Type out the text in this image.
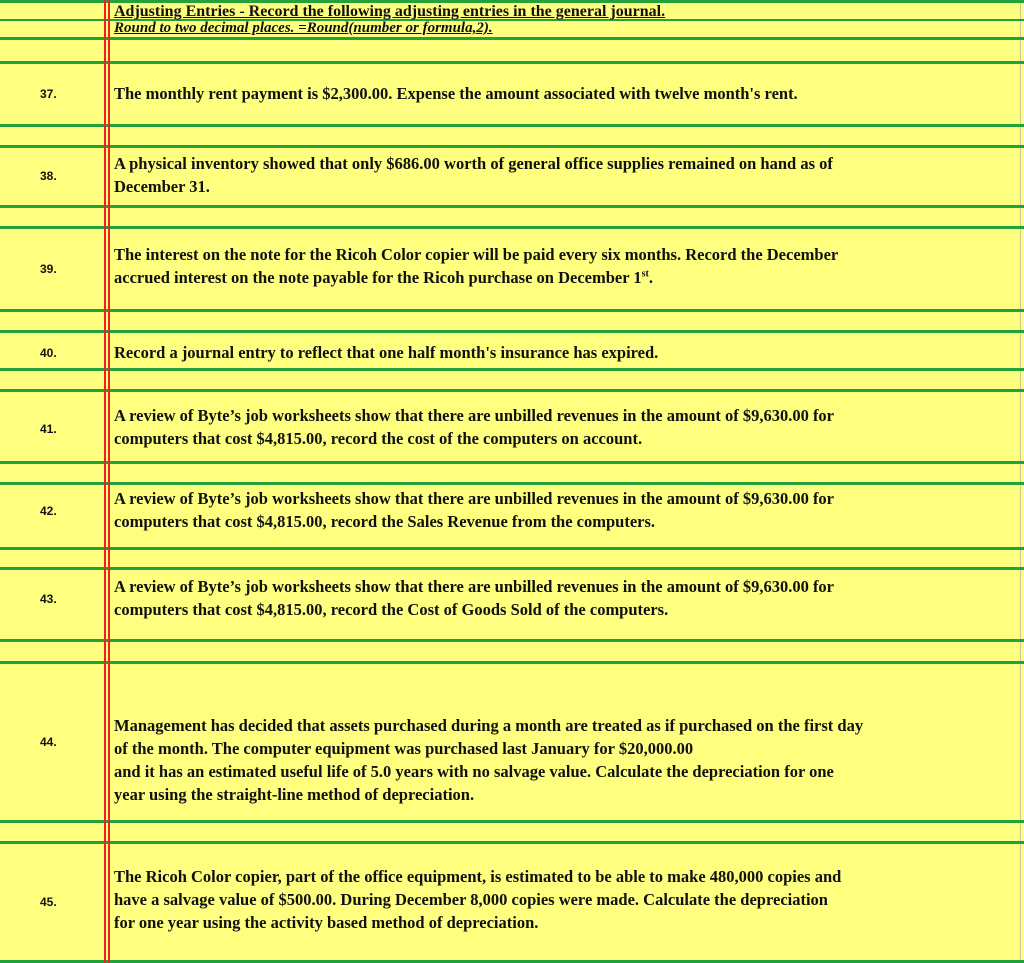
Adjusting Entries - Record the following adjusting entries in the general journal.
Round to two decimal places. =Round(number or formula,2).
37.	The monthly rent payment is $2,300.00. Expense the amount associated with twelve month's rent.
38.
A physical inventory showed that only $686.00 worth of general office supplies remained on hand as of
December 31.
39.
The interest on the note for the Ricoh Color copier will be paid every six months. Record the December
accrued interest on the note payable for the Ricoh purchase on December 1st.
40.	Record a journal entry to reflect that one half month's insurance has expired.
41.
A review of Byte’s job worksheets show that there are unbilled revenues in the amount of $9,630.00 for
computers that cost $4,815.00, record the cost of the computers on account.
42.
A review of Byte’s job worksheets show that there are unbilled revenues in the amount of $9,630.00 for
computers that cost $4,815.00, record the Sales Revenue from the computers.
43.
A review of Byte’s job worksheets show that there are unbilled revenues in the amount of $9,630.00 for
computers that cost $4,815.00, record the Cost of Goods Sold of the computers.
44.
Management has decided that assets purchased during a month are treated as if purchased on the first day
of the month. The computer equipment was purchased last January for $20,000.00
and it has an estimated useful life of 5.0 years with no salvage value. Calculate the depreciation for one
year using the straight-line method of depreciation.
45.
The Ricoh Color copier, part of the office equipment, is estimated to be able to make 480,000 copies and
have a salvage value of $500.00. During December 8,000 copies were made. Calculate the depreciation
for one year using the activity based method of depreciation.
